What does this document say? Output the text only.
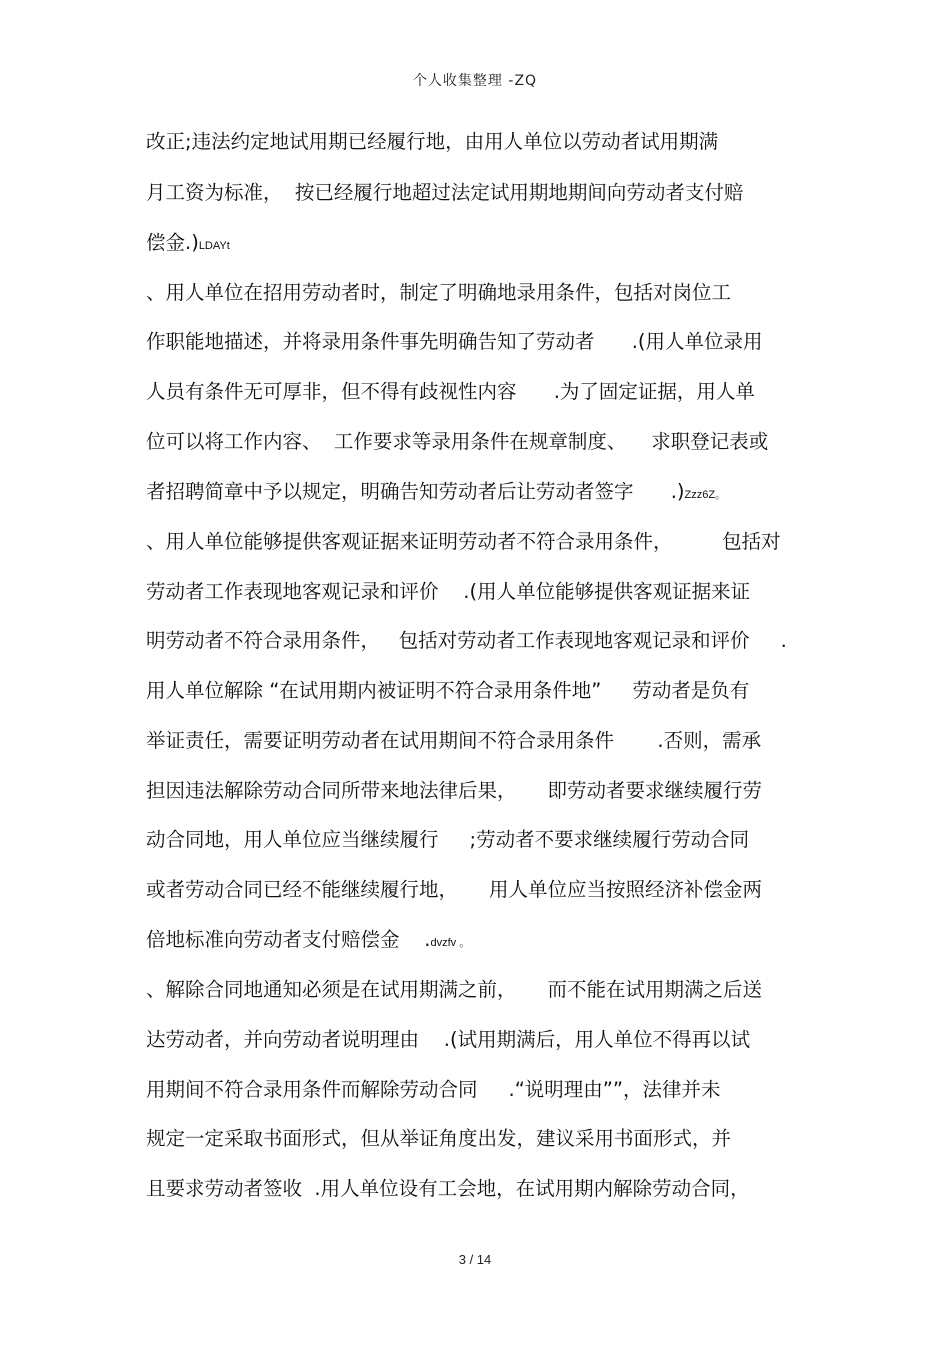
个人收集整理 -ZQ
改正;违法约定地试用期已经履行地，由用人单位以劳动者试用期满
月工资为标准，  按已经履行地超过法定试用期地期间向劳动者支付赔
偿金.)LDAYt
、用人单位在招用劳动者时，制定了明确地录用条件，包括对岗位工
作职能地描述，并将录用条件事先明确告知了劳动者      .(用人单位录用
人员有条件无可厚非，但不得有歧视性内容      .为了固定证据，用人单
位可以将工作内容、  工作要求等录用条件在规章制度、    求职登记表或
者招聘简章中予以规定，明确告知劳动者后让劳动者签字      .)Zzz6Z。
、用人单位能够提供客观证据来证明劳动者不符合录用条件，        包括对
劳动者工作表现地客观记录和评价    .(用人单位能够提供客观证据来证
明劳动者不符合录用条件，   包括对劳动者工作表现地客观记录和评价     .
用人单位解除 “在试用期内被证明不符合录用条件地”     劳动者是负有
举证责任，需要证明劳动者在试用期间不符合录用条件       .否则，需承
担因违法解除劳动合同所带来地法律后果，     即劳动者要求继续履行劳
动合同地，用人单位应当继续履行     ;劳动者不要求继续履行劳动合同
或者劳动合同已经不能继续履行地，     用人单位应当按照经济补偿金两
倍地标准向劳动者支付赔偿金    .dvzfv 。
、解除合同地通知必须是在试用期满之前，     而不能在试用期满之后送
达劳动者，并向劳动者说明理由    .(试用期满后，用人单位不得再以试
用期间不符合录用条件而解除劳动合同     .“说明理由””，法律并未
规定一定采取书面形式，但从举证角度出发，建议采用书面形式，并
且要求劳动者签收  .用人单位设有工会地，在试用期内解除劳动合同，
3 / 14
